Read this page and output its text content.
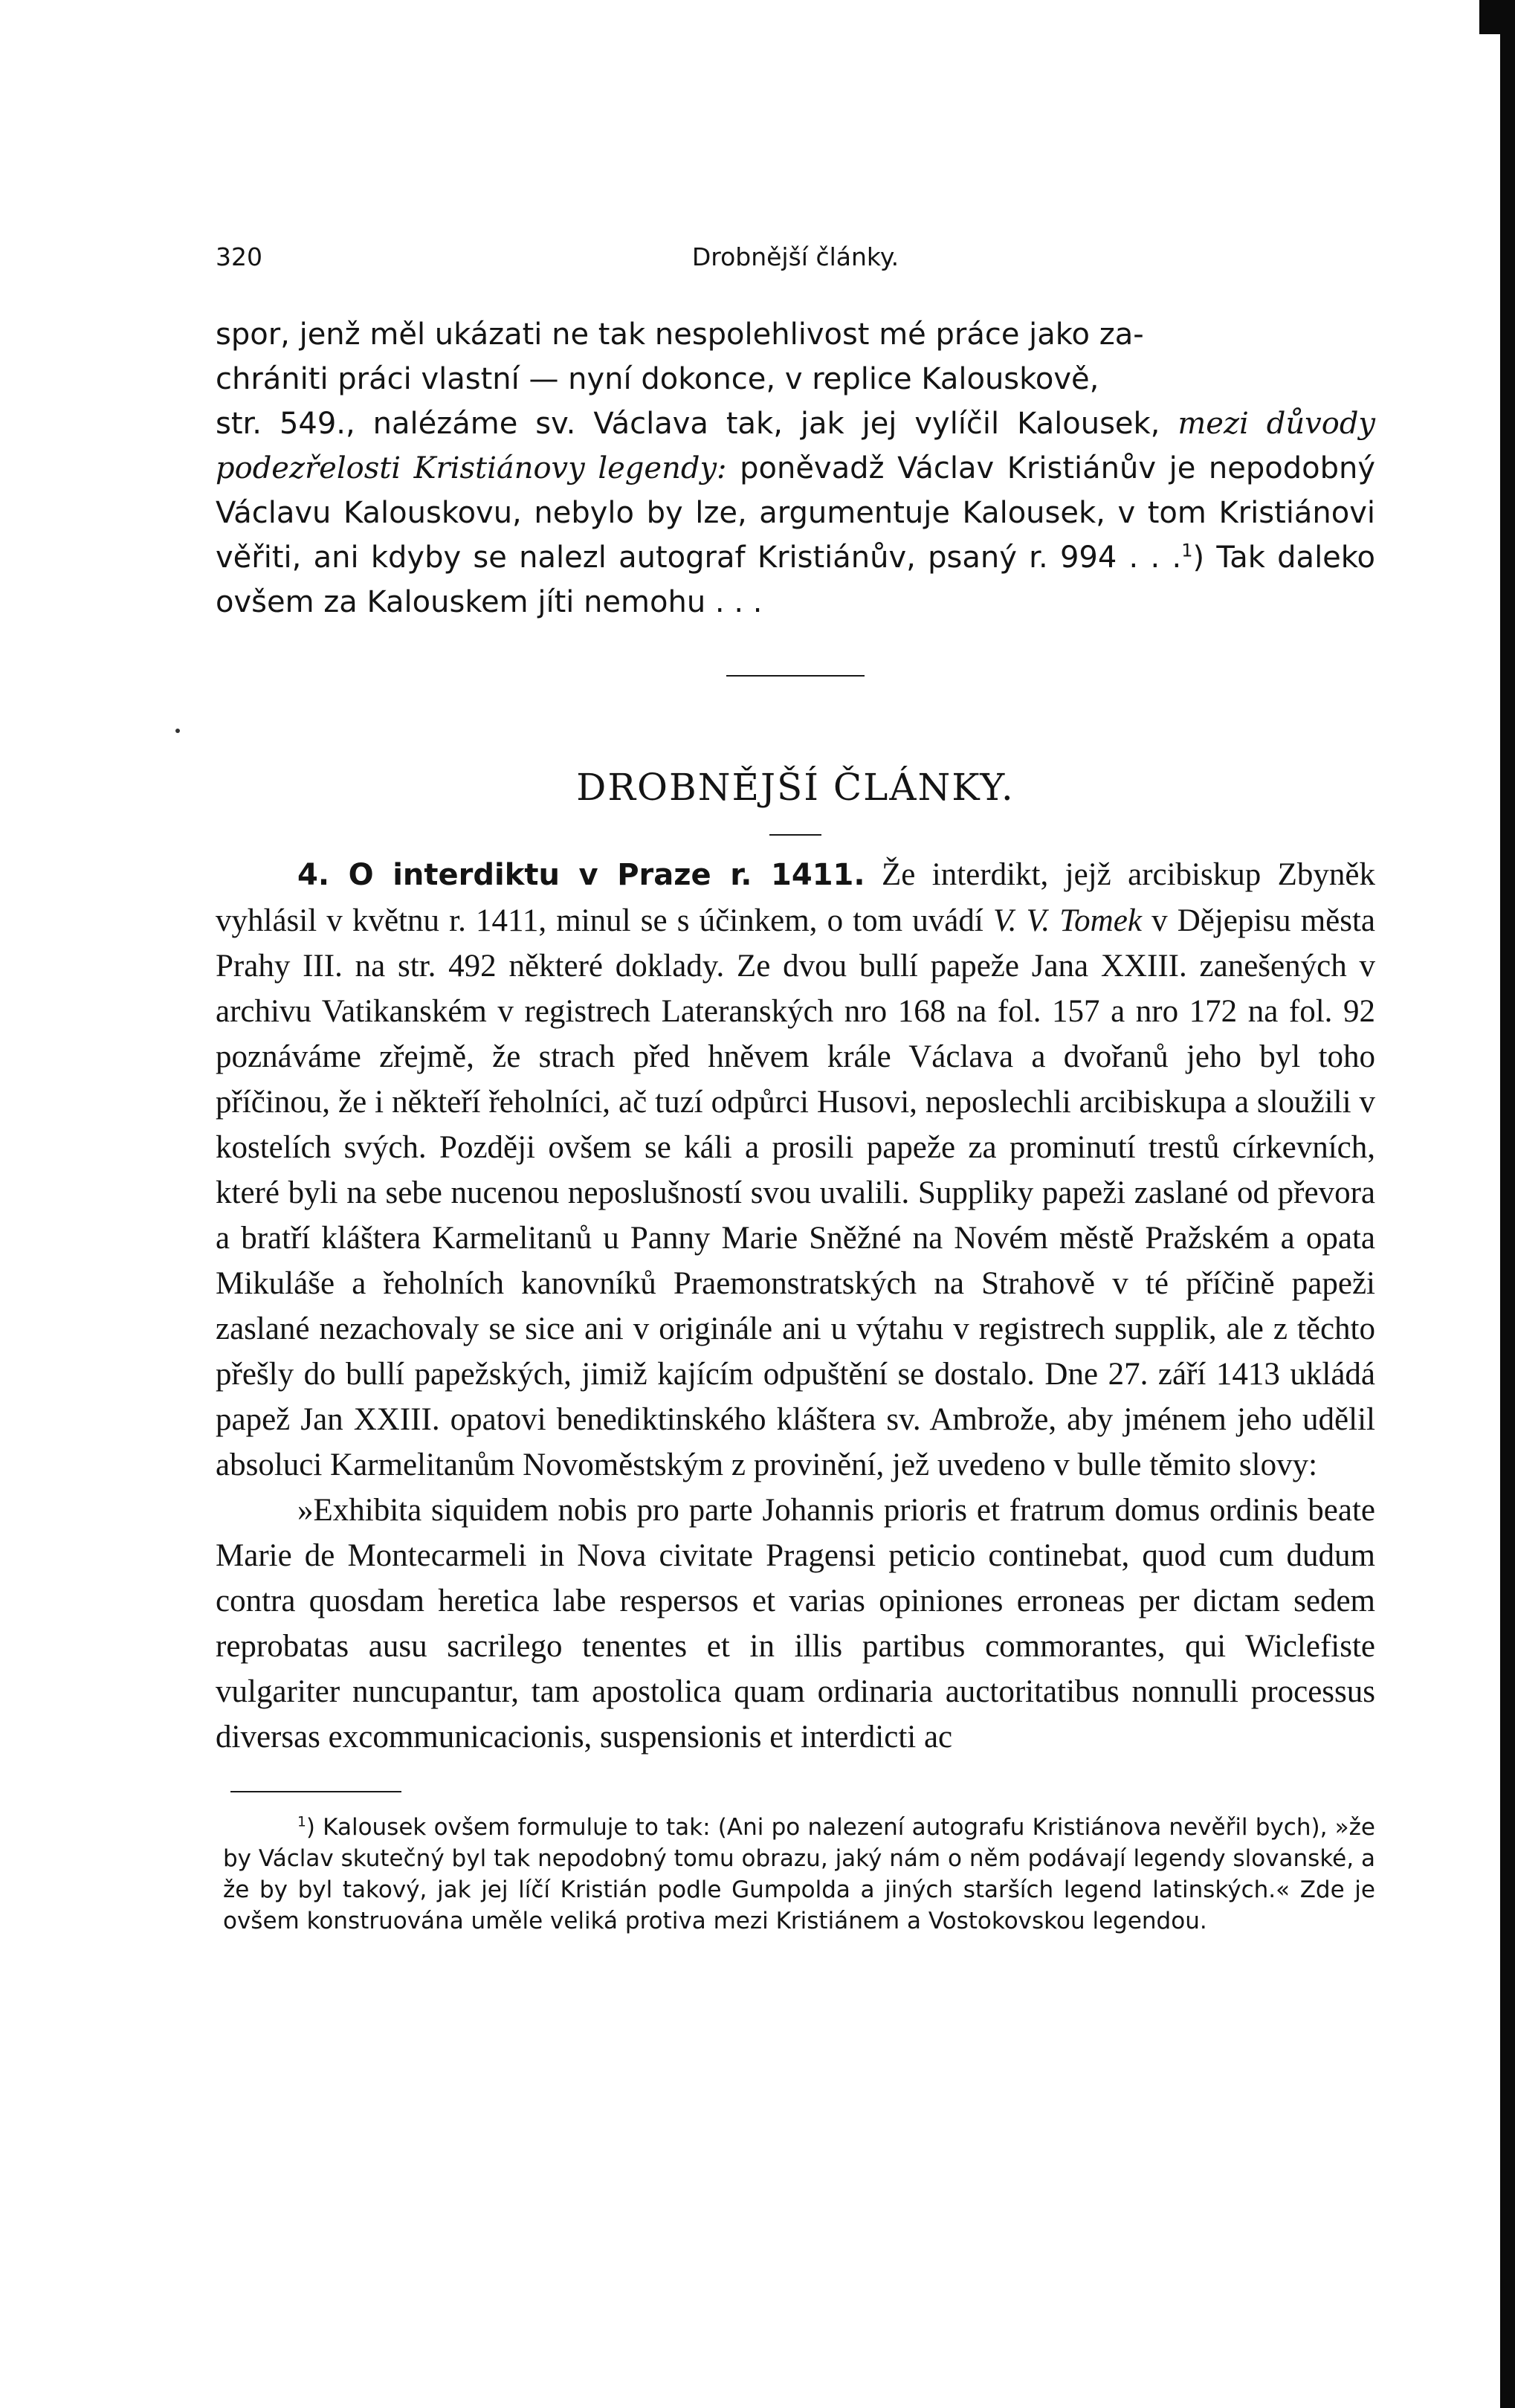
320	Drobnější články.

spor, jenž měl ukázati ne tak nespolehlivost mé práce jako za-
chrániti práci vlastní — nyní dokonce, v replice Kalouskově,
str. 549., nalézáme sv. Václava tak, jak jej vylíčil Kalousek, mezi důvody podezřelosti Kristiánovy legendy: poněvadž Václav Kristiánův je nepodobný Václavu Kalouskovu, nebylo by lze, argumentuje Kalousek, v tom Kristiánovi věřiti, ani kdyby se nalezl autograf Kristiánův, psaný r. 994 . . .$^1$) Tak daleko ovšem za Kalouskem jíti nemohu . . .

DROBNĚJŠÍ ČLÁNKY.

4. O interdiktu v Praze r. 1411. Že interdikt, jejž arcibiskup Zbyněk vyhlásil v květnu r. 1411, minul se s účinkem, o tom uvádí V. V. Tomek v Dějepisu města Prahy III. na str. 492 některé doklady. Ze dvou bullí papeže Jana XXIII. zanešených v archivu Vatikanském v registrech Lateranských nro 168 na fol. 157 a nro 172 na fol. 92 poznáváme zřejmě, že strach před hněvem krále Václava a dvořanů jeho byl toho příčinou, že i někteří řeholníci, ač tuzí odpůrci Husovi, neposlechli arcibiskupa a sloužili v kostelích svých. Později ovšem se káli a prosili papeže za prominutí trestů církevních, které byli na sebe nucenou neposlušností svou uvalili. Suppliky papeži zaslané od převora a bratří kláštera Karmelitanů u Panny Marie Sněžné na Novém městě Pražském a opata Mikuláše a řeholních kanovníků Praemonstratských na Strahově v té příčině papeži zaslané nezachovaly se sice ani v originále ani u výtahu v registrech supplik, ale z těchto přešly do bullí papežských, jimiž kajícím odpuštění se dostalo. Dne 27. září 1413 ukládá papež Jan XXIII. opatovi benediktinského kláštera sv. Ambrože, aby jménem jeho udělil absoluci Karmelitanům Novoměstským z provinění, jež uvedeno v bulle těmito slovy:

»Exhibita siquidem nobis pro parte Johannis prioris et fratrum domus ordinis beate Marie de Montecarmeli in Nova civitate Pragensi peticio continebat, quod cum dudum contra quosdam heretica labe respersos et varias opiniones erroneas per dictam sedem reprobatas ausu sacrilego tenentes et in illis partibus commorantes, qui Wiclefiste vulgariter nuncupantur, tam apostolica quam ordinaria auctoritatibus nonnulli processus diversas excommunicacionis, suspensionis et interdicti ac

$^1$) Kalousek ovšem formuluje to tak: (Ani po nalezení autografu Kristiánova nevěřil bych), »že by Václav skutečný byl tak nepodobný tomu obrazu, jaký nám o něm podávají legendy slovanské, a že by byl takový, jak jej líčí Kristián podle Gumpolda a jiných starších legend latinských.« Zde je ovšem konstruována uměle veliká protiva mezi Kristiánem a Vostokovskou legendou.
